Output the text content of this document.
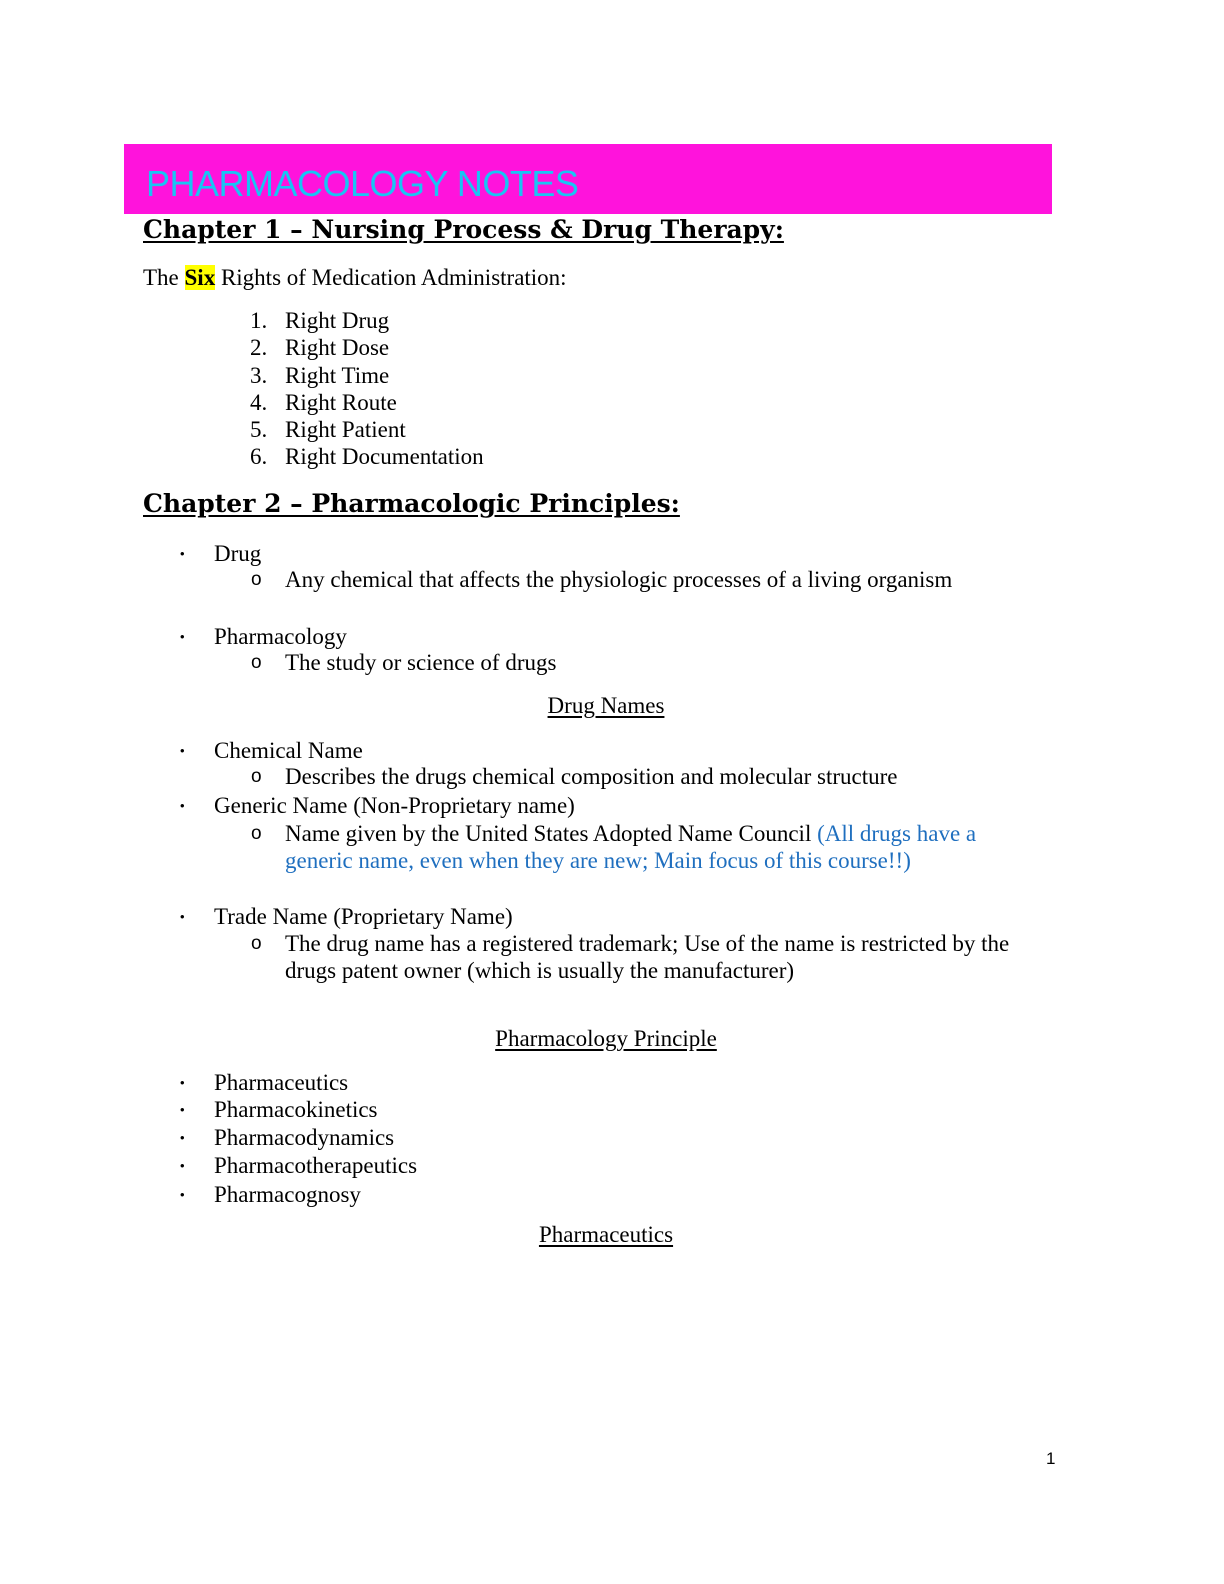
PHARMACOLOGY NOTES
Chapter 1 – Nursing Process & Drug Therapy:
The Six Rights of Medication Administration:
1. Right Drug
2. Right Dose
3. Right Time
4. Right Route
5. Right Patient
6. Right Documentation
Chapter 2 – Pharmacologic Principles:
• Drug
o Any chemical that affects the physiologic processes of a living organism
• Pharmacology
o The study or science of drugs
Drug Names
• Chemical Name
o Describes the drugs chemical composition and molecular structure
• Generic Name (Non-Proprietary name)
o Name given by the United States Adopted Name Council (All drugs have a generic name, even when they are new; Main focus of this course!!)
• Trade Name (Proprietary Name)
o The drug name has a registered trademark; Use of the name is restricted by the drugs patent owner (which is usually the manufacturer)
Pharmacology Principle
• Pharmaceutics
• Pharmacokinetics
• Pharmacodynamics
• Pharmacotherapeutics
• Pharmacognosy
Pharmaceutics
1
